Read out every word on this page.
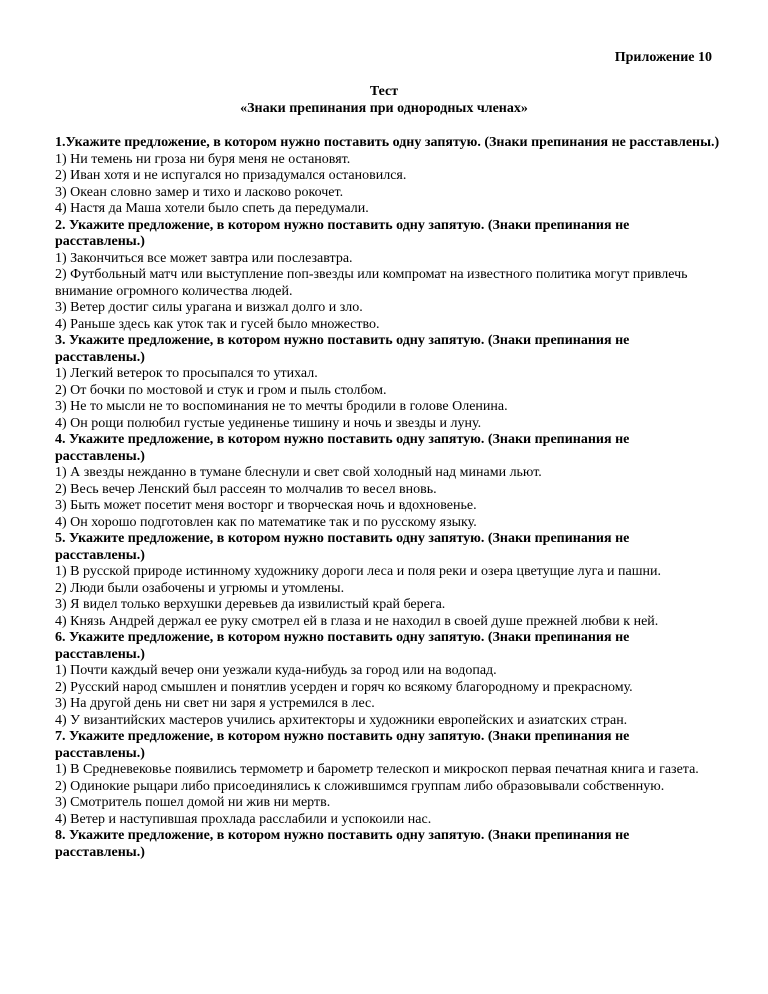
Приложение 10
Тест
«Знаки препинания при однородных членах»
1.Укажите предложение, в котором нужно поставить одну запятую. (Знаки препинания не расставлены.)
1) Ни темень ни гроза ни буря меня не остановят.
2) Иван хотя и не испугался но призадумался остановился.
3) Океан словно замер и тихо и ласково рокочет.
4) Настя да Маша хотели было спеть да передумали.
2. Укажите предложение, в котором нужно поставить одну запятую. (Знаки препинания не расставлены.)
1) Закончиться все может завтра или послезавтра.
2) Футбольный матч или выступление поп-звезды или компромат на известного политика могут привлечь внимание огромного количества людей.
3) Ветер достиг силы урагана и визжал долго и зло.
4) Раньше здесь как уток так и гусей было множество.
3. Укажите предложение, в котором нужно поставить одну запятую. (Знаки препинания не расставлены.)
1) Легкий ветерок то просыпался то утихал.
2) От бочки по мостовой и стук и гром и пыль столбом.
3) Не то мысли не то воспоминания не то мечты бродили в голове Оленина.
4) Он рощи полюбил густые уединенье тишину и ночь и звезды и луну.
4. Укажите предложение, в котором нужно поставить одну запятую. (Знаки препинания не расставлены.)
1) А звезды нежданно в тумане блеснули и свет свой холодный над минами льют.
2) Весь вечер Ленский был рассеян то молчалив то весел вновь.
3) Быть может посетит меня восторг и творческая ночь и вдохновенье.
4) Он хорошо подготовлен как по математике так и по русскому языку.
5. Укажите предложение, в котором нужно поставить одну запятую. (Знаки препинания не расставлены.)
1) В русской природе истинному художнику дороги леса и поля реки и озера цветущие луга и пашни.
2) Люди были озабочены и угрюмы и утомлены.
3) Я видел только верхушки деревьев да извилистый край берега.
4) Князь Андрей держал ее руку смотрел ей в глаза и не находил в своей душе прежней любви к ней.
6. Укажите предложение, в котором нужно поставить одну запятую. (Знаки препинания не расставлены.)
1) Почти каждый вечер они уезжали куда-нибудь за город или на водопад.
2) Русский народ смышлен и понятлив усерден и горяч ко всякому благородному и прекрасному.
3) На другой день ни свет ни заря я устремился в лес.
4) У византийских мастеров учились архитекторы и художники европейских и азиатских стран.
7. Укажите предложение, в котором нужно поставить одну запятую. (Знаки препинания не расставлены.)
1) В Средневековье появились термометр и барометр телескоп и микроскоп первая печатная книга и газета.
2) Одинокие рыцари либо присоединялись к сложившимся группам либо образовывали собственную.
3) Смотритель пошел домой ни жив ни мертв.
4) Ветер и наступившая прохлада расслабили и успокоили нас.
8. Укажите предложение, в котором нужно поставить одну запятую. (Знаки препинания не расставлены.)
